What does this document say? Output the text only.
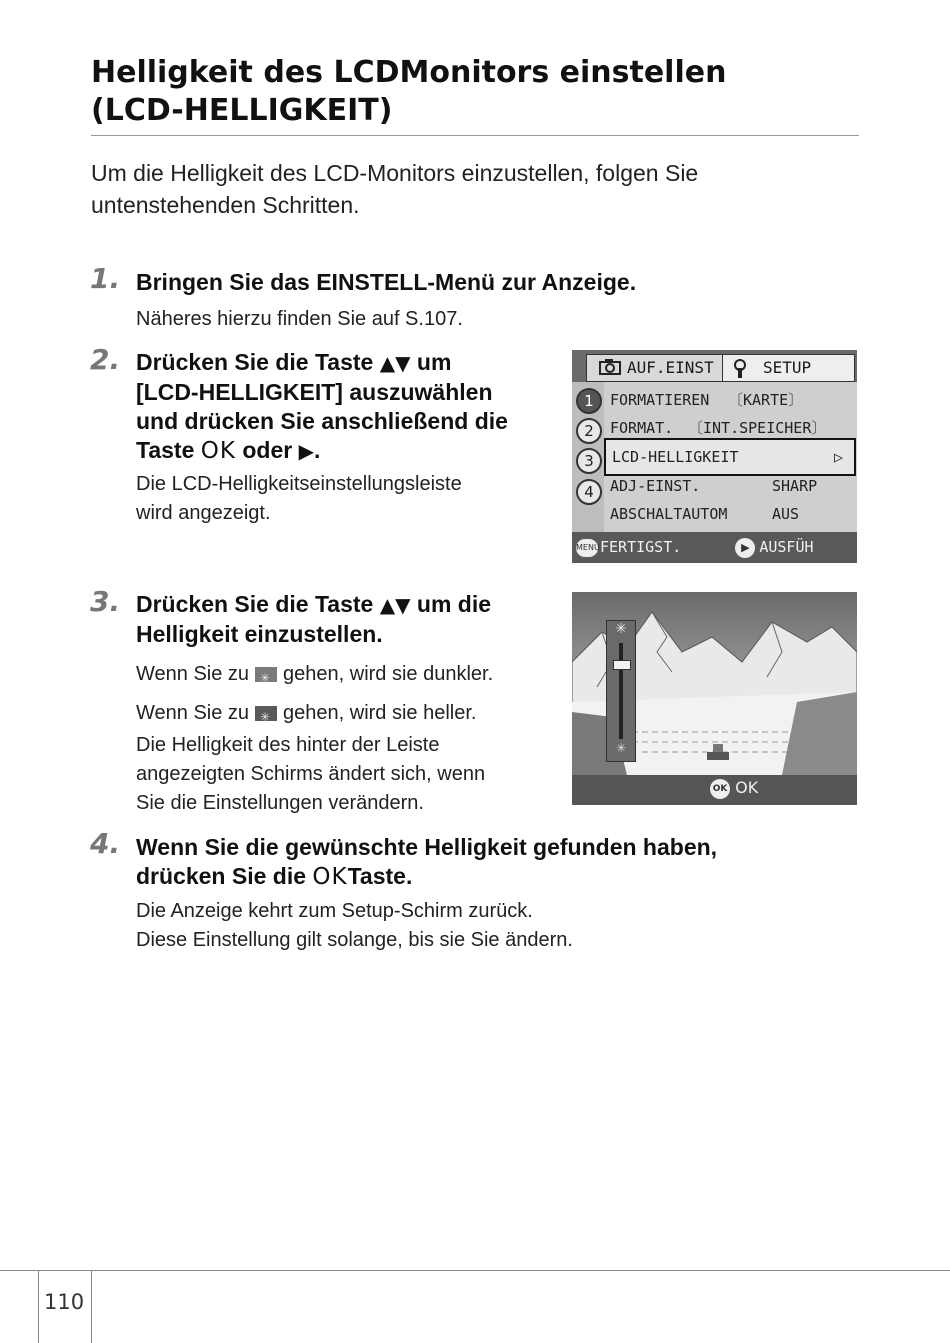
Helligkeit des LCDMonitors einstellen
(LCD-HELLIGKEIT)
Um die Helligkeit des LCD-Monitors einzustellen, folgen Sie
untenstehenden Schritten.
1. Bringen Sie das EINSTELL-Menü zur Anzeige.
Näheres hierzu finden Sie auf S.107.
2. Drücken Sie die Taste ▲▼ um
[LCD-HELLIGKEIT] auszuwählen
und drücken Sie anschließend die
Taste OK oder ▶.
Die LCD-Helligkeitseinstellungsleiste
wird angezeigt.
AUF.EINST	SETUP
1
2
3
4
FORMATIEREN 〔KARTE〕
FORMAT. 〔INT.SPEICHER〕
LCD-HELLIGKEIT	▷
ADJ-EINST.	SHARP
ABSCHALTAUTOM	AUS
MENUFERTIGST.	▶ AUSFÜH
3. Drücken Sie die Taste ▲▼ um die
Helligkeit einzustellen.
Wenn Sie zu ✳ gehen, wird sie dunkler.
Wenn Sie zu ✳ gehen, wird sie heller.
Die Helligkeit des hinter der Leiste
angezeigten Schirms ändert sich, wenn
Sie die Einstellungen verändern.
✳
✳
OK OK
4. Wenn Sie die gewünschte Helligkeit gefunden haben,
drücken Sie die OKTaste.
Die Anzeige kehrt zum Setup-Schirm zurück.
Diese Einstellung gilt solange, bis sie Sie ändern.
110
